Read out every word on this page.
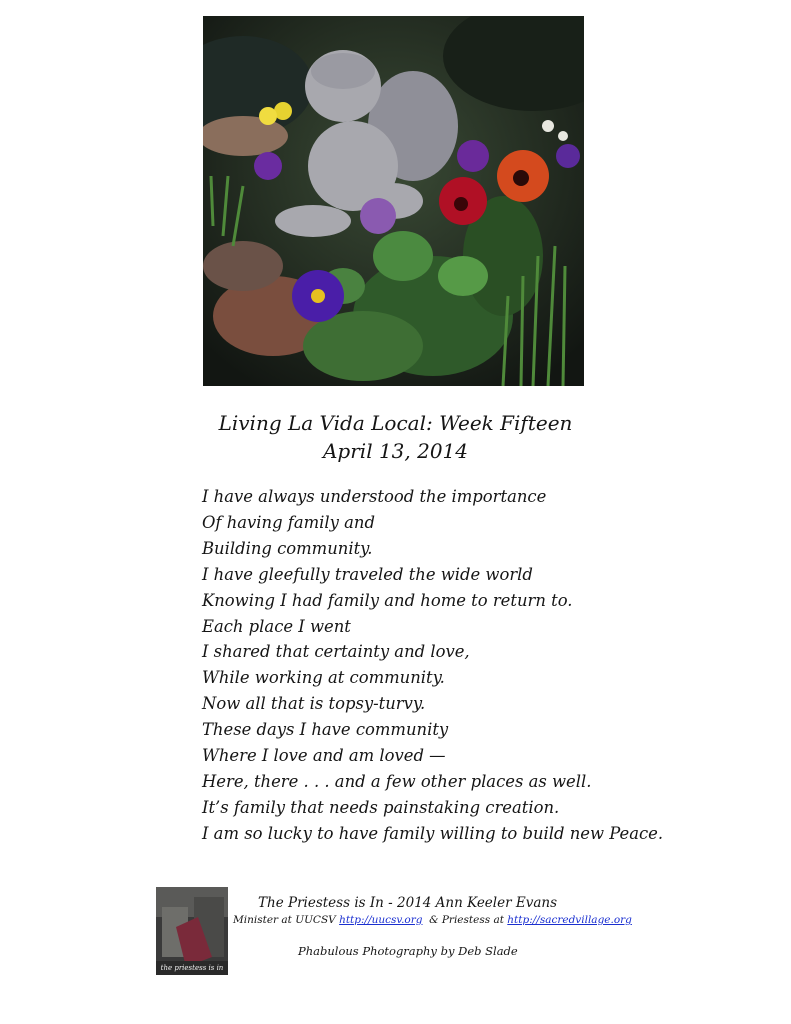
Living La Vida Local: Week Fifteen

April 13, 2014

I have always understood the importance
Of having family and
Building community.
I have gleefully traveled the wide world
Knowing I had family and home to return to.
Each place I went
I shared that certainty and love,
While working at community.
Now all that is topsy-turvy.
These days I have community
Where I love and am loved —
Here, there . . . and a few other places as well.
It’s family that needs painstaking creation.
I am so lucky to have family willing to build new Peace.
the priestess is in

The Priestess is In - 2014 Ann Keeler Evans

Minister at UUCSV http://uucsv.org  & Priestess at http://sacredvillage.org

Phabulous Photography by Deb Slade
